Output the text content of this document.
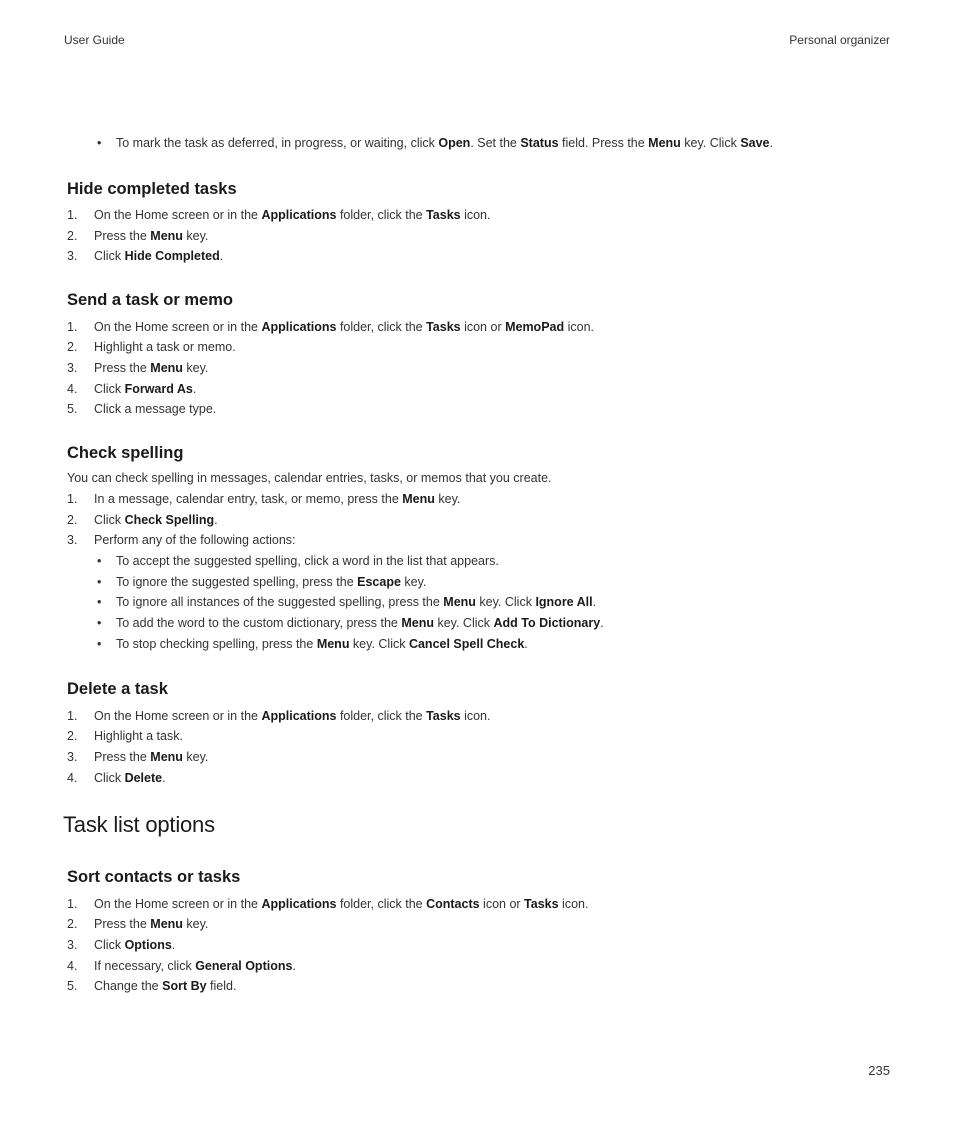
User Guide	Personal organizer
235
• To mark the task as deferred, in progress, or waiting, click Open. Set the Status field. Press the Menu key. Click Save.
Hide completed tasks
1. On the Home screen or in the Applications folder, click the Tasks icon.
2. Press the Menu key.
3. Click Hide Completed.
Send a task or memo
1. On the Home screen or in the Applications folder, click the Tasks icon or MemoPad icon.
2. Highlight a task or memo.
3. Press the Menu key.
4. Click Forward As.
5. Click a message type.
Check spelling
You can check spelling in messages, calendar entries, tasks, or memos that you create.
1. In a message, calendar entry, task, or memo, press the Menu key.
2. Click Check Spelling.
3. Perform any of the following actions:
• To accept the suggested spelling, click a word in the list that appears.
• To ignore the suggested spelling, press the Escape key.
• To ignore all instances of the suggested spelling, press the Menu key. Click Ignore All.
• To add the word to the custom dictionary, press the Menu key. Click Add To Dictionary.
• To stop checking spelling, press the Menu key. Click Cancel Spell Check.
Delete a task
1. On the Home screen or in the Applications folder, click the Tasks icon.
2. Highlight a task.
3. Press the Menu key.
4. Click Delete.
Task list options
Sort contacts or tasks
1. On the Home screen or in the Applications folder, click the Contacts icon or Tasks icon.
2. Press the Menu key.
3. Click Options.
4. If necessary, click General Options.
5. Change the Sort By field.
